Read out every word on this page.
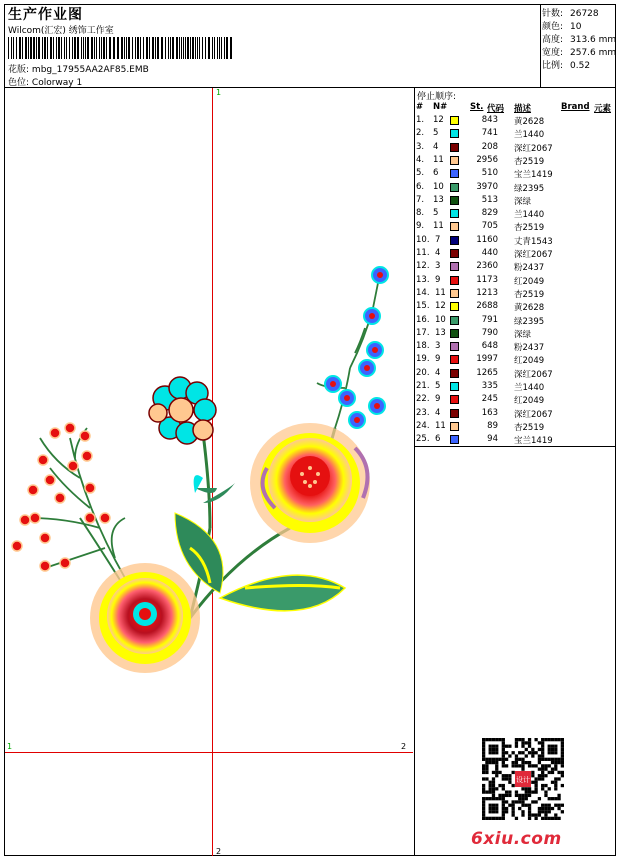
生产作业图
Wilcom(汇宏) 绣饰工作室
花版: mbg_17955AA2AF85.EMB
色位: Colorway 1
针数: 26728
颜色: 10
高度: 313.6 mm
宽度: 257.6 mm
比例: 0.52
1
1	2
2
停止顺序:
# N#	St. 代码 描述	Brand 元素
1.	12	843 黄2628
2.	5	741 兰1440
3.	4	208 深红2067
4.	11	2956 杏2519
5.	6	510 宝兰1419
6.	10	3970 绿2395
7.	13	513 深绿
8.	5	829 兰1440
9.	11	705 杏2519
10. 7	1160 丈青1543
11. 4	440 深红2067
12. 3	2360 粉2437
13. 9	1173 红2049
14. 11	1213 杏2519
15. 12	2688 黄2628
16. 10	791 绿2395
17. 13	790 深绿
18. 3	648 粉2437
19. 9	1997 红2049
20. 4	1265 深红2067
21. 5	335 兰1440
22. 9	245 红2049
23. 4	163 深红2067
24. 11	89 杏2519
25. 6	94 宝兰1419
设计
6xiu.com
